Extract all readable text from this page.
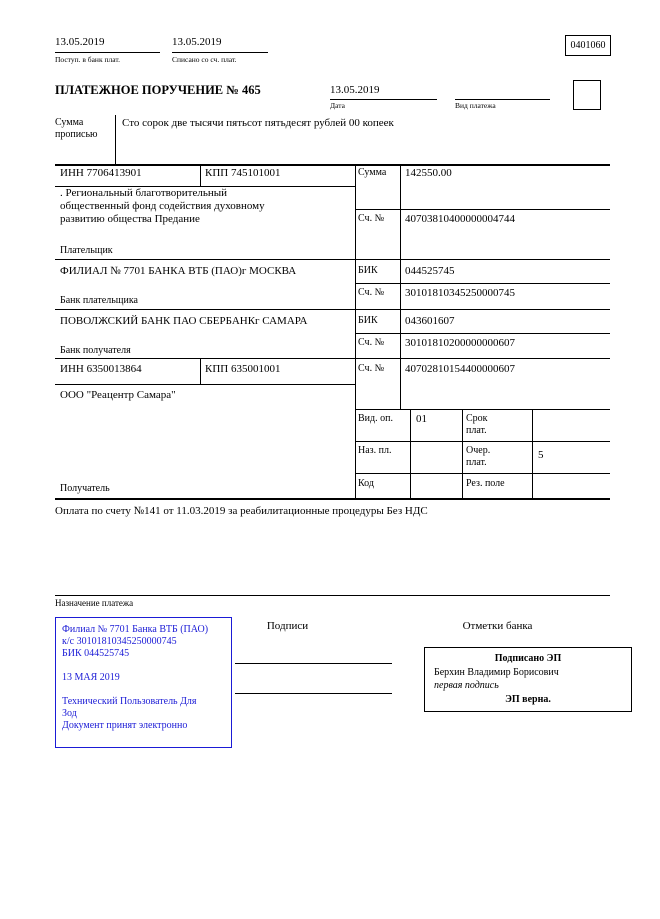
13.05.2019
Поступ. в банк плат.
13.05.2019
Списано со сч. плат.
0401060
ПЛАТЕЖНОЕ ПОРУЧЕНИЕ № 465	13.05.2019
Дата	Вид платежа
Сумма
прописью
Сто сорок две тысячи пятьсот пятьдесят рублей 00 копеек
ИНН 7706413901	КПП 745101001	Сумма 142550.00
. Региональный благотворительный общественный фонд содействия духовному развитию общества Предание	Сч. № 40703810400000004744
Плательщик
ФИЛИАЛ № 7701 БАНКА ВТБ (ПАО)г МОСКВА	БИК 044525745
Сч. № 30101810345250000745
Банк плательщика
ПОВОЛЖСКИЙ БАНК ПАО СБЕРБАНКг САМАРА	БИК 043601607
Сч. № 30101810200000000607
Банк получателя
ИНН 6350013864	КПП 635001001	Сч. № 40702810154400000607
ООО "Реацентр Самара"
Вид. оп. 01	Срок
плат.
Наз. пл.	Очер.
плат.
5
Код	Рез. поле
Получатель
Оплата по счету №141 от 11.03.2019 за реабилитационные процедуры Без НДС
Назначение платежа
Филиал № 7701 Банка ВТБ (ПАО)
к/с 30101810345250000745
БИК 044525745
13 МАЯ 2019
Технический Пользователь Для Зод
Документ принят электронно
Подписи	Отметки банка
Подписано ЭП
Берхин Владимир Борисович
первая подпись
ЭП верна.
